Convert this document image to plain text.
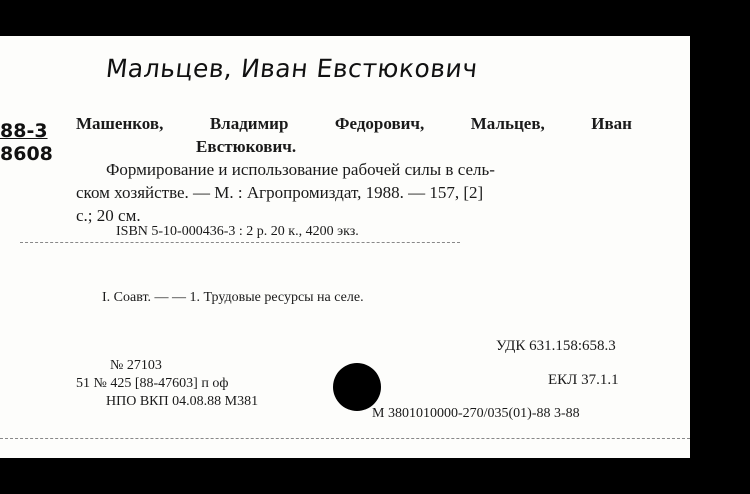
Мальцев, Иван Евстюкович
88-3
8608
Машенков,	Владимир	Федорович,	Мальцев,	Иван
Евстюкович.
Формирование и использование рабочей силы в сель-
ском хозяйстве. — М. : Агропромиздат, 1988. — 157, [2]
с.; 20 см.
ISBN 5-10-000436-3 : 2 р. 20 к., 4200 экз.
I. Соавт. — — 1. Трудовые ресурсы на селе.
УДК 631.158:658.3
ЕКЛ 37.1.1
№ 27103
51 № 425 [88-47603] п оф
НПО ВКП 04.08.88 М381
М 3801010000-270/035(01)-88 3-88
